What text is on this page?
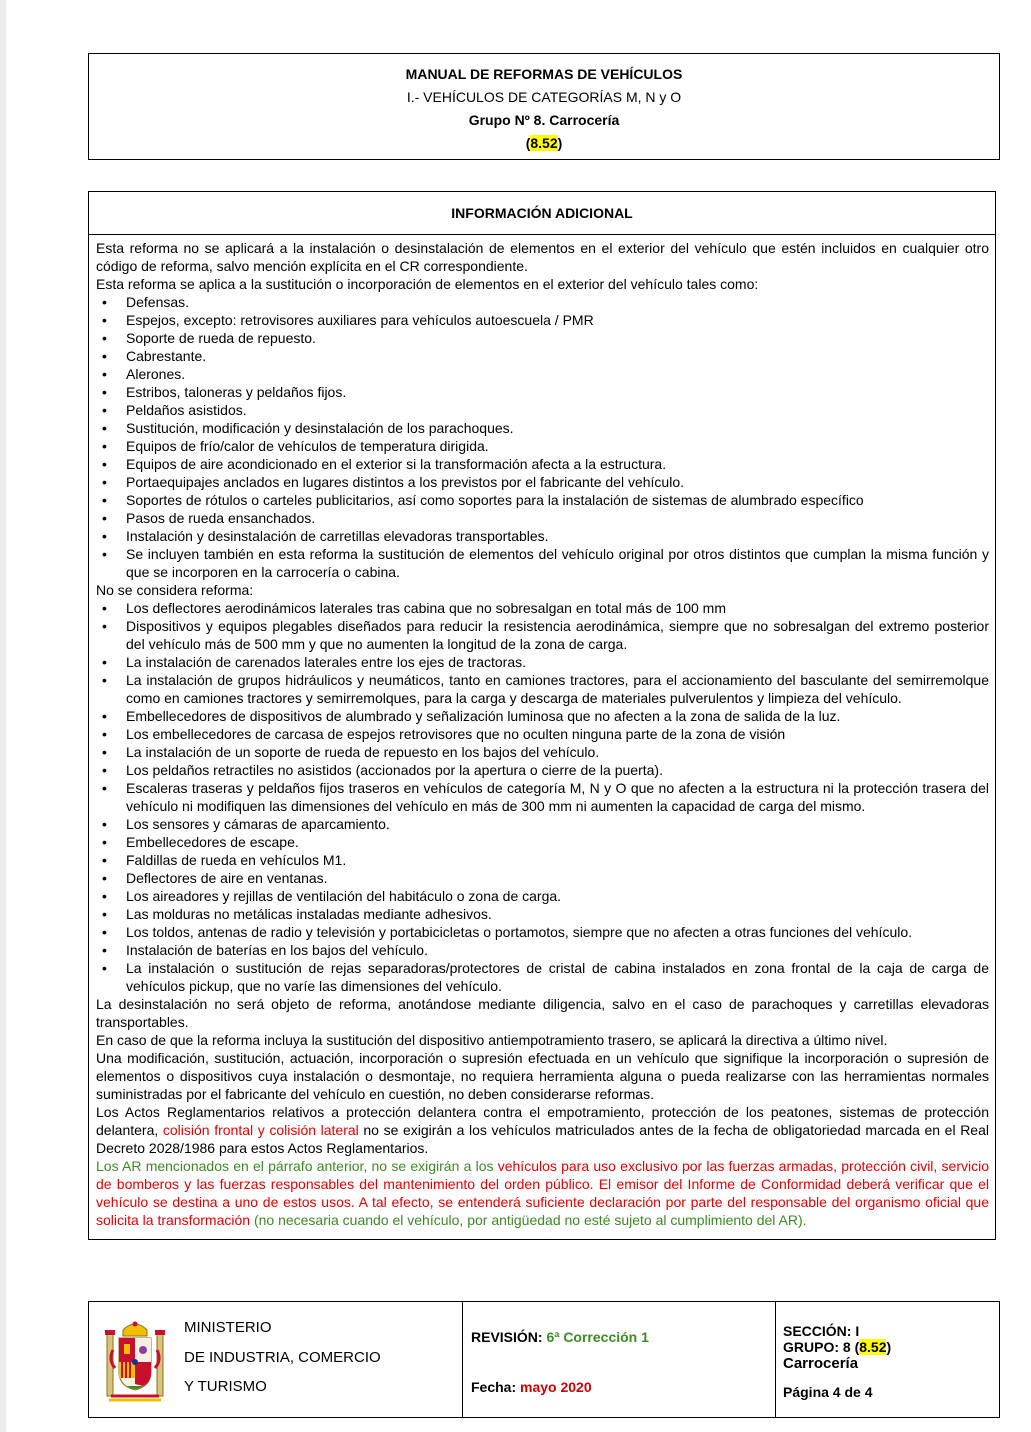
MANUAL DE REFORMAS DE VEHÍCULOS
I.- VEHÍCULOS DE CATEGORÍAS M, N y O
Grupo Nº 8. Carrocería
(8.52)
INFORMACIÓN ADICIONAL

Esta reforma no se aplicará a la instalación o desinstalación de elementos en el exterior del vehículo que estén incluidos en cualquier otro código de reforma, salvo mención explícita en el CR correspondiente.

Esta reforma se aplica a la sustitución o incorporación de elementos en el exterior del vehículo tales como:

• Defensas.
• Espejos, excepto: retrovisores auxiliares para vehículos autoescuela / PMR
• Soporte de rueda de repuesto.
• Cabrestante.
• Alerones.
• Estribos, taloneras y peldaños fijos.
• Peldaños asistidos.
• Sustitución, modificación y desinstalación de los parachoques.
• Equipos de frío/calor de vehículos de temperatura dirigida.
• Equipos de aire acondicionado en el exterior si la transformación afecta a la estructura.
• Portaequipajes anclados en lugares distintos a los previstos por el fabricante del vehículo.
• Soportes de rótulos o carteles publicitarios, así como soportes para la instalación de sistemas de alumbrado específico
• Pasos de rueda ensanchados.
• Instalación y desinstalación de carretillas elevadoras transportables.
• Se incluyen también en esta reforma la sustitución de elementos del vehículo original por otros distintos que cumplan la misma función y que se incorporen en la carrocería o cabina.

No se considera reforma:

• Los deflectores aerodinámicos laterales tras cabina que no sobresalgan en total más de 100 mm
• Dispositivos y equipos plegables diseñados para reducir la resistencia aerodinámica, siempre que no sobresalgan del extremo posterior del vehículo más de 500 mm y que no aumenten la longitud de la zona de carga.
• La instalación de carenados laterales entre los ejes de tractoras.
• La instalación de grupos hidráulicos y neumáticos, tanto en camiones tractores, para el accionamiento del basculante del semirremolque como en camiones tractores y semirremolques, para la carga y descarga de materiales pulverulentos y limpieza del vehículo.
• Embellecedores de dispositivos de alumbrado y señalización luminosa que no afecten a la zona de salida de la luz.
• Los embellecedores de carcasa de espejos retrovisores que no oculten ninguna parte de la zona de visión
• La instalación de un soporte de rueda de repuesto en los bajos del vehículo.
• Los peldaños retractiles no asistidos (accionados por la apertura o cierre de la puerta).
• Escaleras traseras y peldaños fijos traseros en vehículos de categoría M, N y O que no afecten a la estructura ni la protección trasera del vehículo ni modifiquen las dimensiones del vehículo en más de 300 mm ni aumenten la capacidad de carga del mismo.
• Los sensores y cámaras de aparcamiento.
• Embellecedores de escape.
• Faldillas de rueda en vehículos M1.
• Deflectores de aire en ventanas.
• Los aireadores y rejillas de ventilación del habitáculo o zona de carga.
• Las molduras no metálicas instaladas mediante adhesivos.
• Los toldos, antenas de radio y televisión y portabicicletas o portamotos, siempre que no afecten a otras funciones del vehículo.
• Instalación de baterías en los bajos del vehículo.
• La instalación o sustitución de rejas separadoras/protectores de cristal de cabina instalados en zona frontal de la caja de carga de vehículos pickup, que no varíe las dimensiones del vehículo.

La desinstalación no será objeto de reforma, anotándose mediante diligencia, salvo en el caso de parachoques y carretillas elevadoras transportables.

En caso de que la reforma incluya la sustitución del dispositivo antiempotramiento trasero, se aplicará la directiva a último nivel.

Una modificación, sustitución, actuación, incorporación o supresión efectuada en un vehículo que signifique la incorporación o supresión de elementos o dispositivos cuya instalación o desmontaje, no requiera herramienta alguna o pueda realizarse con las herramientas normales suministradas por el fabricante del vehículo en cuestión, no deben considerarse reformas.

Los Actos Reglamentarios relativos a protección delantera contra el empotramiento, protección de los peatones, sistemas de protección delantera, colisión frontal y colisión lateral no se exigirán a los vehículos matriculados antes de la fecha de obligatoriedad marcada en el Real Decreto 2028/1986 para estos Actos Reglamentarios.

Los AR mencionados en el párrafo anterior, no se exigirán a los vehículos para uso exclusivo por las fuerzas armadas, protección civil, servicio de bomberos y las fuerzas responsables del mantenimiento del orden público. El emisor del Informe de Conformidad deberá verificar que el vehículo se destina a uno de estos usos. A tal efecto, se entenderá suficiente declaración por parte del responsable del organismo oficial que solicita la transformación (no necesaria cuando el vehículo, por antigüedad no esté sujeto al cumplimiento del AR).

MINISTERIO
DE INDUSTRIA, COMERCIO
Y TURISMO
REVISIÓN: 6ª Corrección 1
Fecha: mayo 2020
SECCIÓN: I
GRUPO: 8 (8.52)
Carrocería
Página 4 de 4
